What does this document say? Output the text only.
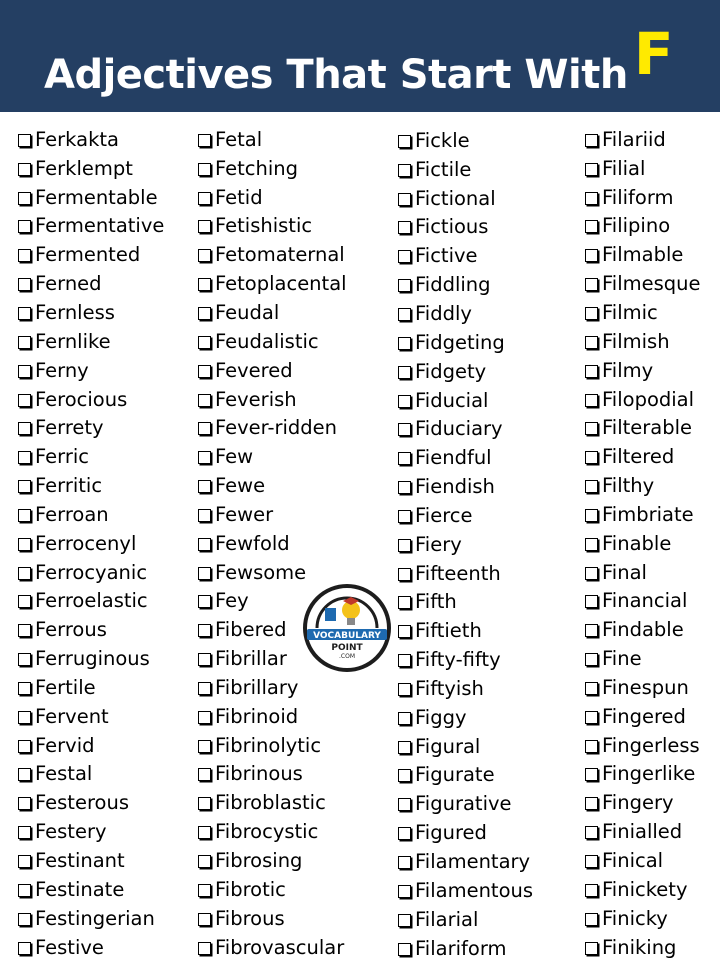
Adjectives That Start With F
Ferkakta
Ferklempt
Fermentable
Fermentative
Fermented
Ferned
Fernless
Fernlike
Ferny
Ferocious
Ferrety
Ferric
Ferritic
Ferroan
Ferrocenyl
Ferrocyanic
Ferroelastic
Ferrous
Ferruginous
Fertile
Fervent
Fervid
Festal
Festerous
Festery
Festinant
Festinate
Festingerian
Festive
Fetal
Fetching
Fetid
Fetishistic
Fetomaternal
Fetoplacental
Feudal
Feudalistic
Fevered
Feverish
Fever-ridden
Few
Fewe
Fewer
Fewfold
Fewsome
Fey
Fibered
Fibrillar
Fibrillary
Fibrinoid
Fibrinolytic
Fibrinous
Fibroblastic
Fibrocystic
Fibrosing
Fibrotic
Fibrous
Fibrovascular
Fickle
Fictile
Fictional
Fictious
Fictive
Fiddling
Fiddly
Fidgeting
Fidgety
Fiducial
Fiduciary
Fiendful
Fiendish
Fierce
Fiery
Fifteenth
Fifth
Fiftieth
Fifty-fifty
Fiftyish
Figgy
Figural
Figurate
Figurative
Figured
Filamentary
Filamentous
Filarial
Filariform
Filariid
Filial
Filiform
Filipino
Filmable
Filmesque
Filmic
Filmish
Filmy
Filopodial
Filterable
Filtered
Filthy
Fimbriate
Finable
Final
Financial
Findable
Fine
Finespun
Fingered
Fingerless
Fingerlike
Fingery
Finialled
Finical
Finickety
Finicky
Finiking
VOCABULARY
POINT
.COM
